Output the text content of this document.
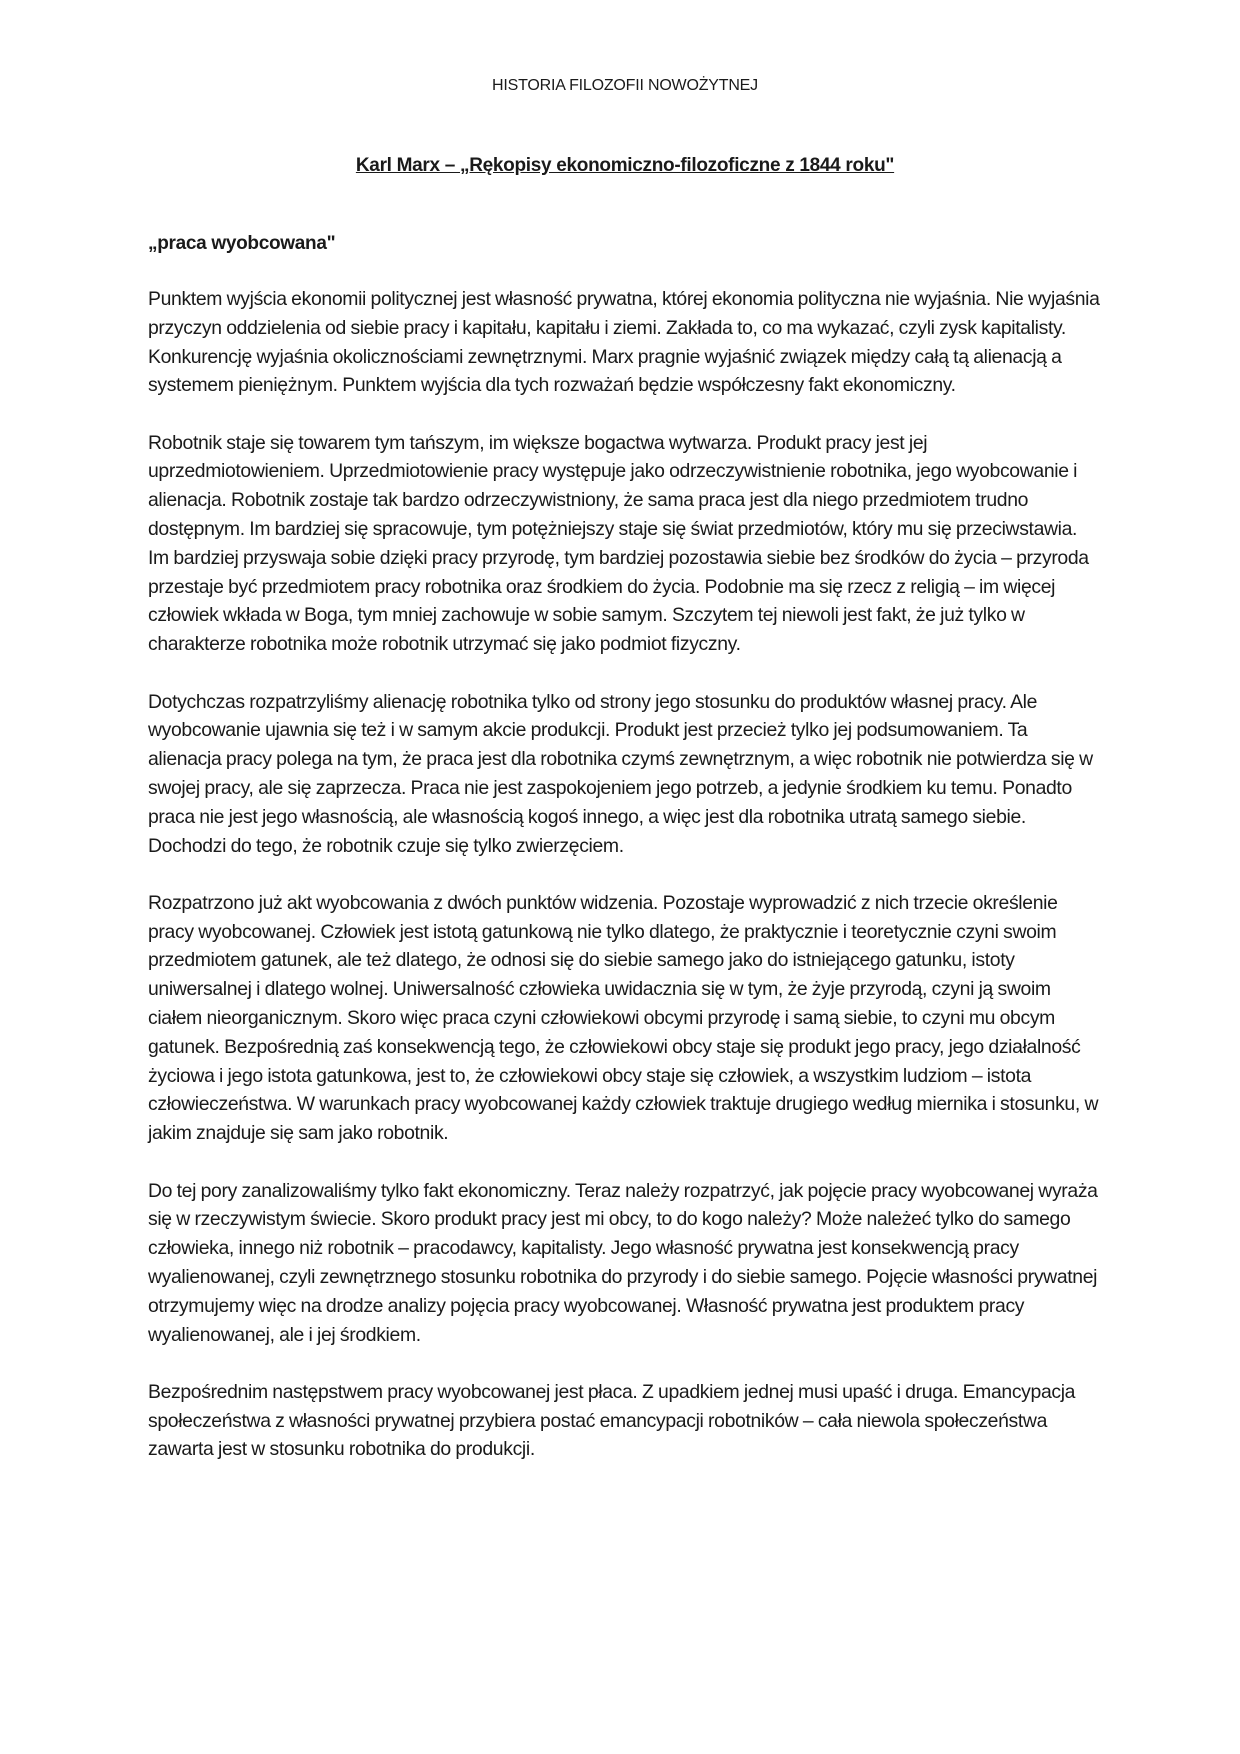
HISTORIA FILOZOFII NOWOŻYTNEJ
Karl Marx – „Rękopisy ekonomiczno-filozoficzne z 1844 roku"
„praca wyobcowana"

Punktem wyjścia ekonomii politycznej jest własność prywatna, której ekonomia polityczna nie wyjaśnia. Nie wyjaśnia przyczyn oddzielenia od siebie pracy i kapitału, kapitału i ziemi. Zakłada to, co ma wykazać, czyli zysk kapitalisty. Konkurencję wyjaśnia okolicznościami zewnętrznymi. Marx pragnie wyjaśnić związek między całą tą alienacją a systemem pieniężnym. Punktem wyjścia dla tych rozważań będzie współczesny fakt ekonomiczny.

Robotnik staje się towarem tym tańszym, im większe bogactwa wytwarza. Produkt pracy jest jej uprzedmiotowieniem. Uprzedmiotowienie pracy występuje jako odrzeczywistnienie robotnika, jego wyobcowanie i alienacja. Robotnik zostaje tak bardzo odrzeczywistniony, że sama praca jest dla niego przedmiotem trudno dostępnym. Im bardziej się spracowuje, tym potężniejszy staje się świat przedmiotów, który mu się przeciwstawia. Im bardziej przyswaja sobie dzięki pracy przyrodę, tym bardziej pozostawia siebie bez środków do życia – przyroda przestaje być przedmiotem pracy robotnika oraz środkiem do życia. Podobnie ma się rzecz z religią – im więcej człowiek wkłada w Boga, tym mniej zachowuje w sobie samym. Szczytem tej niewoli jest fakt, że już tylko w charakterze robotnika może robotnik utrzymać się jako podmiot fizyczny.

Dotychczas rozpatrzyliśmy alienację robotnika tylko od strony jego stosunku do produktów własnej pracy. Ale wyobcowanie ujawnia się też i w samym akcie produkcji. Produkt jest przecież tylko jej podsumowaniem. Ta alienacja pracy polega na tym, że praca jest dla robotnika czymś zewnętrznym, a więc robotnik nie potwierdza się w swojej pracy, ale się zaprzecza. Praca nie jest zaspokojeniem jego potrzeb, a jedynie środkiem ku temu. Ponadto praca nie jest jego własnością, ale własnością kogoś innego, a więc jest dla robotnika utratą samego siebie. Dochodzi do tego, że robotnik czuje się tylko zwierzęciem.

Rozpatrzono już akt wyobcowania z dwóch punktów widzenia. Pozostaje wyprowadzić z nich trzecie określenie pracy wyobcowanej. Człowiek jest istotą gatunkową nie tylko dlatego, że praktycznie i teoretycznie czyni swoim przedmiotem gatunek, ale też dlatego, że odnosi się do siebie samego jako do istniejącego gatunku, istoty uniwersalnej i dlatego wolnej. Uniwersalność człowieka uwidacznia się w tym, że żyje przyrodą, czyni ją swoim ciałem nieorganicznym. Skoro więc praca czyni człowiekowi obcymi przyrodę i samą siebie, to czyni mu obcym gatunek. Bezpośrednią zaś konsekwencją tego, że człowiekowi obcy staje się produkt jego pracy, jego działalność życiowa i jego istota gatunkowa, jest to, że człowiekowi obcy staje się człowiek, a wszystkim ludziom – istota człowieczeństwa. W warunkach pracy wyobcowanej każdy człowiek traktuje drugiego według miernika i stosunku, w jakim znajduje się sam jako robotnik.

Do tej pory zanalizowaliśmy tylko fakt ekonomiczny. Teraz należy rozpatrzyć, jak pojęcie pracy wyobcowanej wyraża się w rzeczywistym świecie. Skoro produkt pracy jest mi obcy, to do kogo należy? Może należeć tylko do samego człowieka, innego niż robotnik – pracodawcy, kapitalisty. Jego własność prywatna jest konsekwencją pracy wyalienowanej, czyli zewnętrznego stosunku robotnika do przyrody i do siebie samego. Pojęcie własności prywatnej otrzymujemy więc na drodze analizy pojęcia pracy wyobcowanej. Własność prywatna jest produktem pracy wyalienowanej, ale i jej środkiem.

Bezpośrednim następstwem pracy wyobcowanej jest płaca. Z upadkiem jednej musi upaść i druga. Emancypacja społeczeństwa z własności prywatnej przybiera postać emancypacji robotników – cała niewola społeczeństwa zawarta jest w stosunku robotnika do produkcji.
